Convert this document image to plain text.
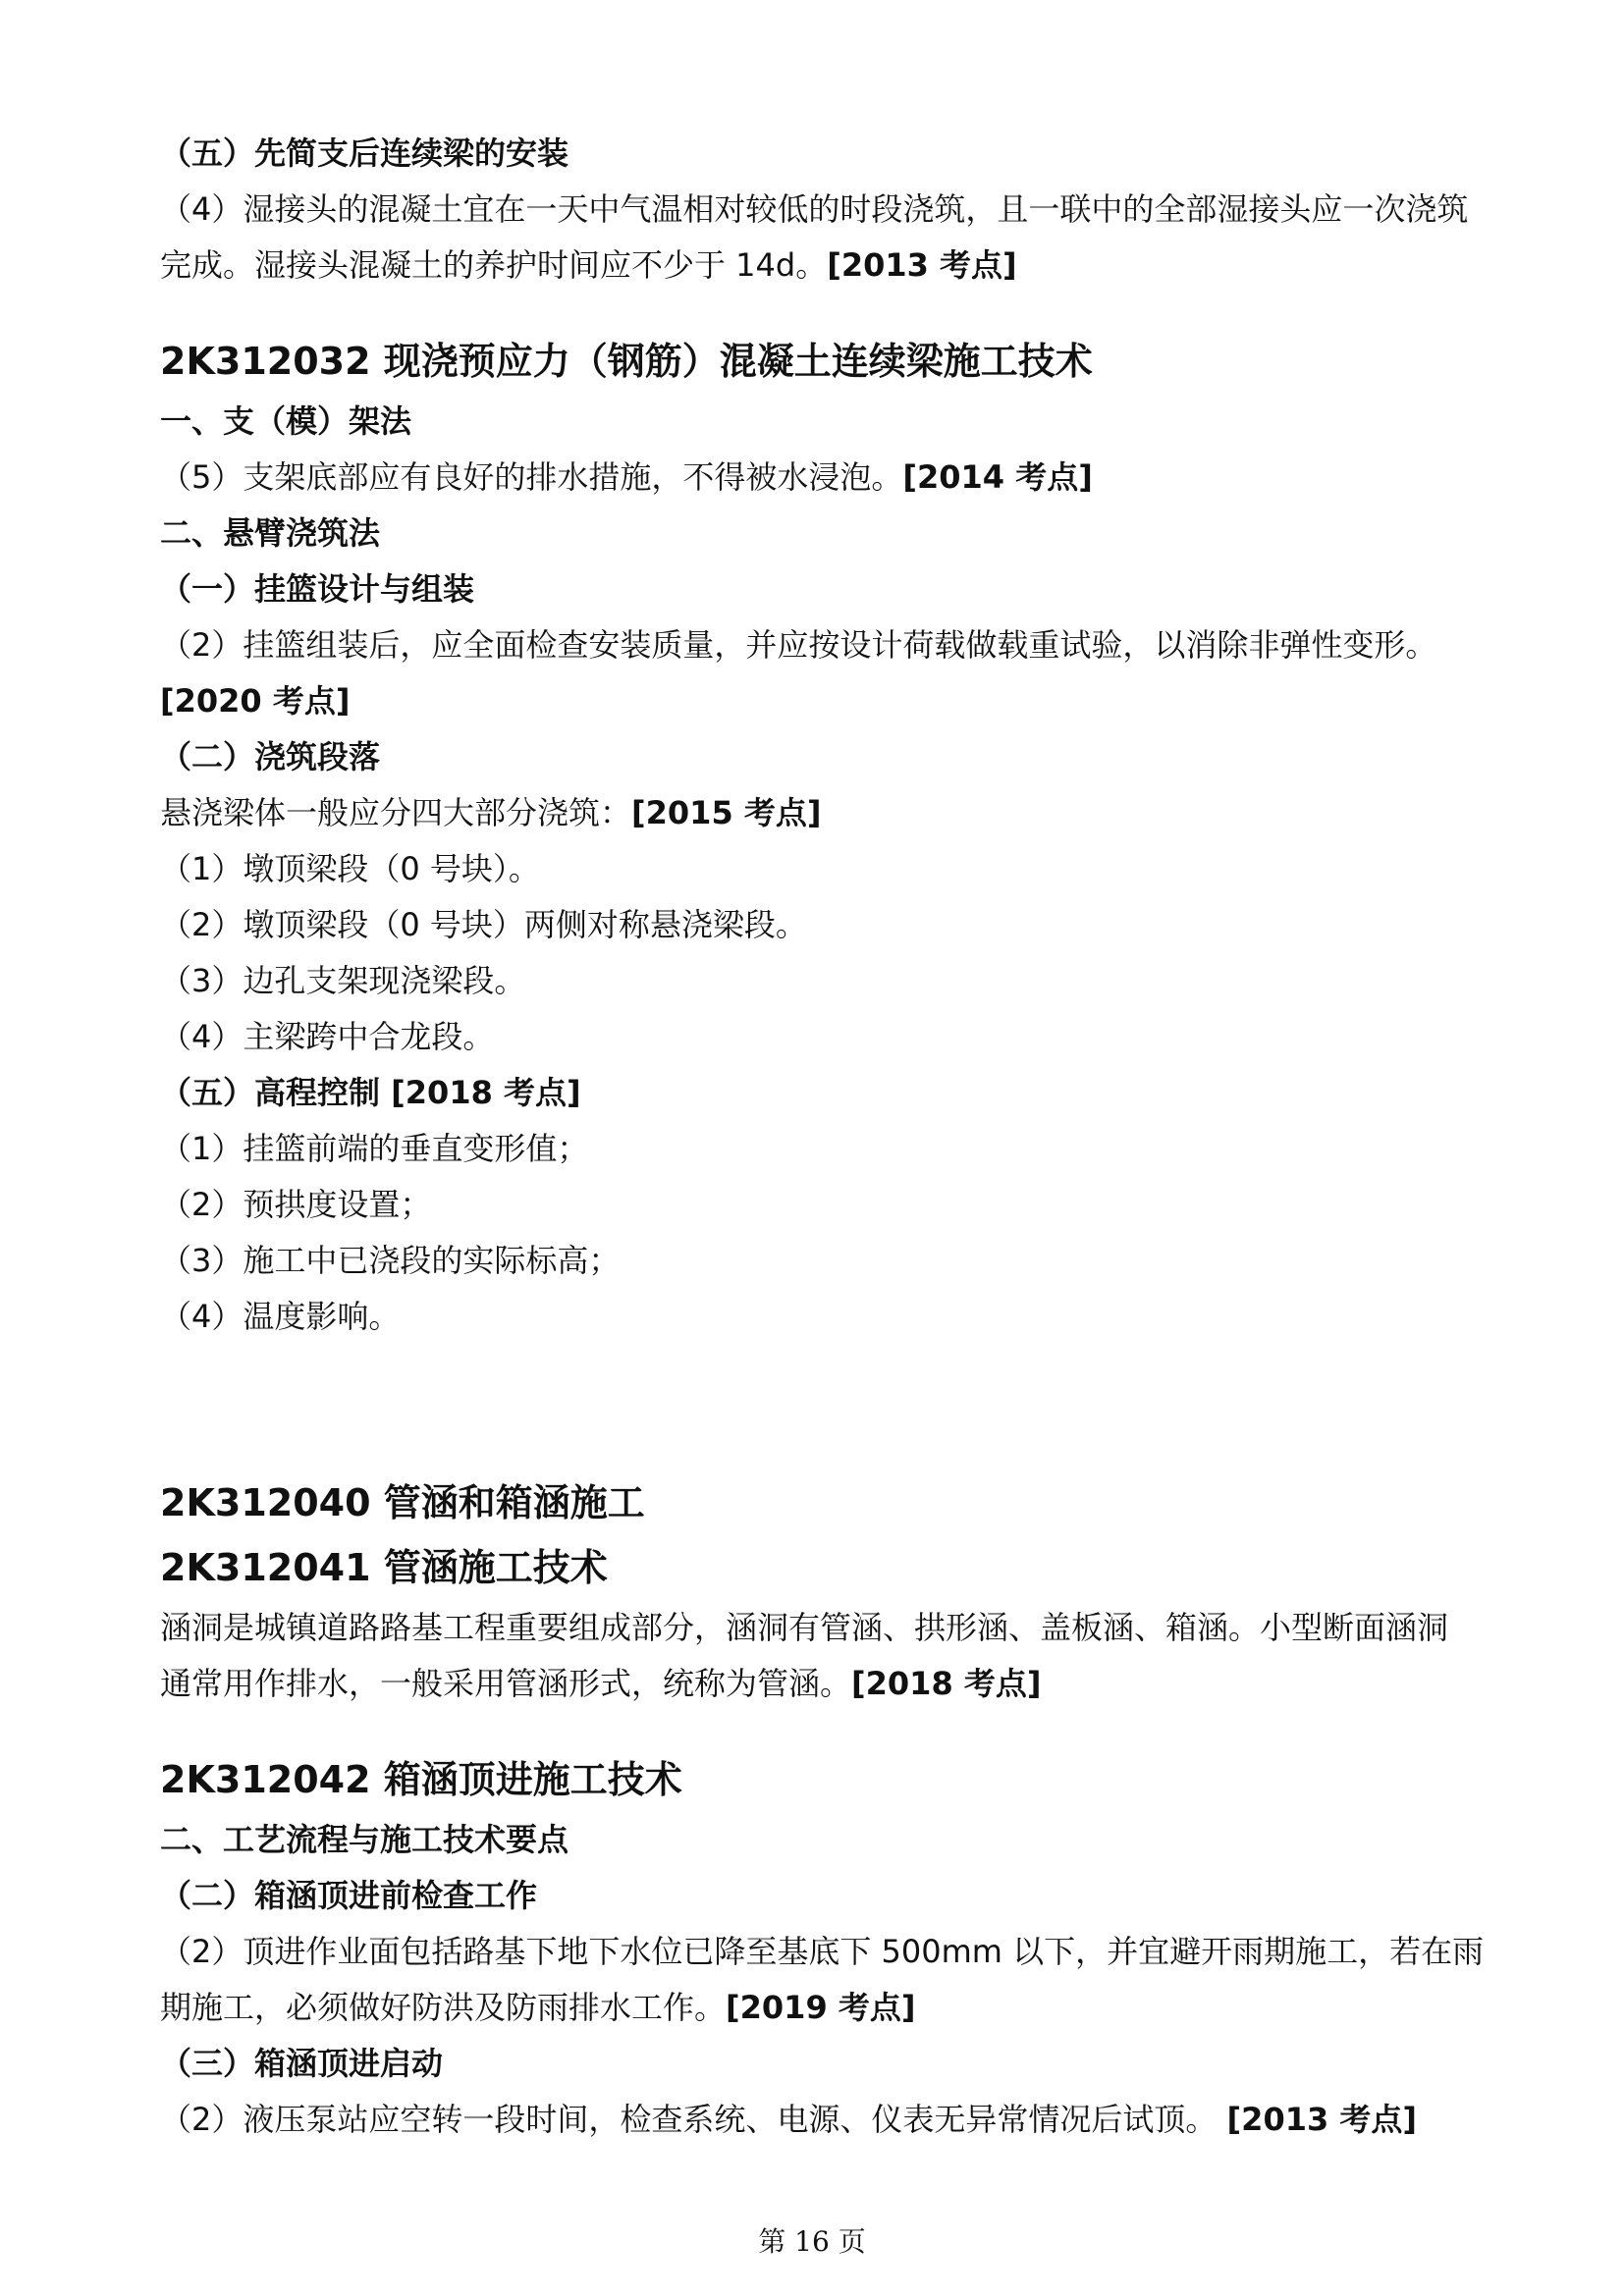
（五）先简支后连续梁的安装

（4）湿接头的混凝土宜在一天中气温相对较低的时段浇筑，且一联中的全部湿接头应一次浇筑

完成。湿接头混凝土的养护时间应不少于 14d。[2013 考点]

2K312032 现浇预应力（钢筋）混凝土连续梁施工技术

一、支（模）架法

（5）支架底部应有良好的排水措施，不得被水浸泡。[2014 考点]

二、悬臂浇筑法

（一）挂篮设计与组装

（2）挂篮组装后，应全面检查安装质量，并应按设计荷载做载重试验，以消除非弹性变形。

[2020 考点]

（二）浇筑段落

悬浇梁体一般应分四大部分浇筑：[2015 考点]

（1）墩顶梁段（0 号块）。

（2）墩顶梁段（0 号块）两侧对称悬浇梁段。

（3）边孔支架现浇梁段。

（4）主梁跨中合龙段。

（五）高程控制 [2018 考点]

（1）挂篮前端的垂直变形值；

（2）预拱度设置；

（3）施工中已浇段的实际标高；

（4）温度影响。

2K312040 管涵和箱涵施工

2K312041 管涵施工技术

涵洞是城镇道路路基工程重要组成部分，涵洞有管涵、拱形涵、盖板涵、箱涵。小型断面涵洞

通常用作排水，一般采用管涵形式，统称为管涵。[2018 考点]

2K312042 箱涵顶进施工技术

二、工艺流程与施工技术要点

（二）箱涵顶进前检查工作

（2）顶进作业面包括路基下地下水位已降至基底下 500mm 以下，并宜避开雨期施工，若在雨

期施工，必须做好防洪及防雨排水工作。[2019 考点]

（三）箱涵顶进启动

（2）液压泵站应空转一段时间，检查系统、电源、仪表无异常情况后试顶。 [2013 考点]

第 16 页
